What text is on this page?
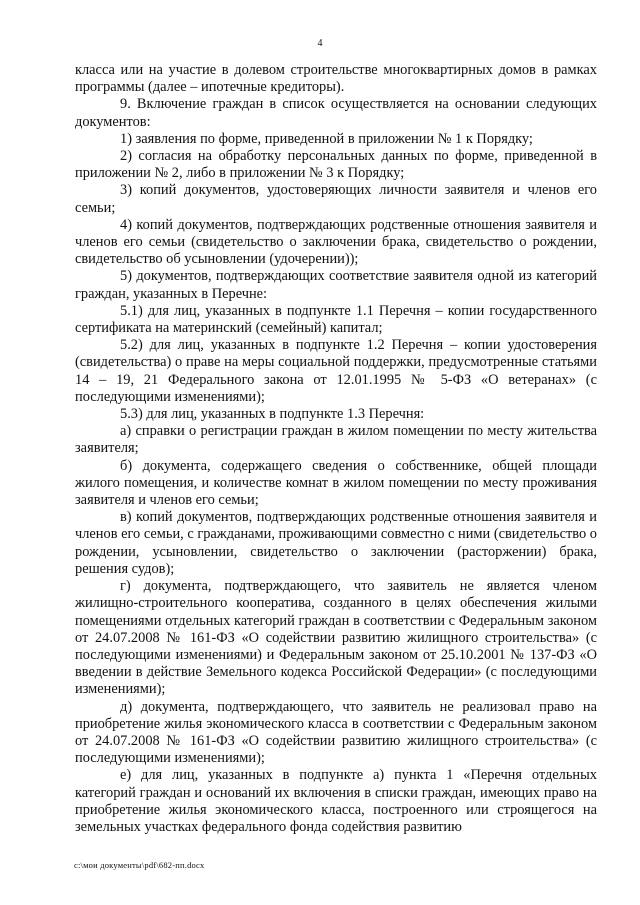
4

класса или на участие в долевом строительстве многоквартирных домов в рамках программы (далее – ипотечные кредиторы).

9. Включение граждан в список осуществляется на основании следующих документов:

1) заявления по форме, приведенной в приложении № 1 к Порядку;

2) согласия на обработку персональных данных по форме, приведенной в приложении № 2, либо в приложении № 3 к Порядку;

3) копий документов, удостоверяющих личности заявителя и членов его семьи;

4) копий документов, подтверждающих родственные отношения заявителя и членов его семьи (свидетельство о заключении брака, свидетельство о рождении, свидетельство об усыновлении (удочерении));

5) документов, подтверждающих соответствие заявителя одной из категорий граждан, указанных в Перечне:

5.1) для лиц, указанных в подпункте 1.1 Перечня – копии государственного сертификата на материнский (семейный) капитал;

5.2) для лиц, указанных в подпункте 1.2 Перечня – копии удостоверения (свидетельства) о праве на меры социальной поддержки, предусмотренные статьями 14 – 19, 21 Федерального закона от 12.01.1995 № 5-ФЗ «О ветеранах» (с последующими изменениями);

5.3) для лиц, указанных в подпункте 1.3 Перечня:

а) справки о регистрации граждан в жилом помещении по месту жительства заявителя;

б) документа, содержащего сведения о собственнике, общей площади жилого помещения, и количестве комнат в жилом помещении по месту проживания заявителя и членов его семьи;

в) копий документов, подтверждающих родственные отношения заявителя и членов его семьи, с гражданами, проживающими совместно с ними (свидетельство о рождении, усыновлении, свидетельство о заключении (расторжении) брака, решения судов);

г) документа, подтверждающего, что заявитель не является членом жилищно-строительного кооператива, созданного в целях обеспечения жилыми помещениями отдельных категорий граждан в соответствии с Федеральным законом от 24.07.2008 № 161-ФЗ «О содействии развитию жилищного строительства» (с последующими изменениями) и Федеральным законом от 25.10.2001 № 137-ФЗ «О введении в действие Земельного кодекса Российской Федерации» (с последующими изменениями);

д) документа, подтверждающего, что заявитель не реализовал право на приобретение жилья экономического класса в соответствии с Федеральным законом от 24.07.2008 № 161-ФЗ «О содействии развитию жилищного строительства» (с последующими изменениями);

е) для лиц, указанных в подпункте а) пункта 1 «Перечня отдельных категорий граждан и оснований их включения в списки граждан, имеющих право на приобретение жилья экономического класса, построенного или строящегося на земельных участках федерального фонда содействия развитию

c:\мои документы\pdf\682-пп.docx
